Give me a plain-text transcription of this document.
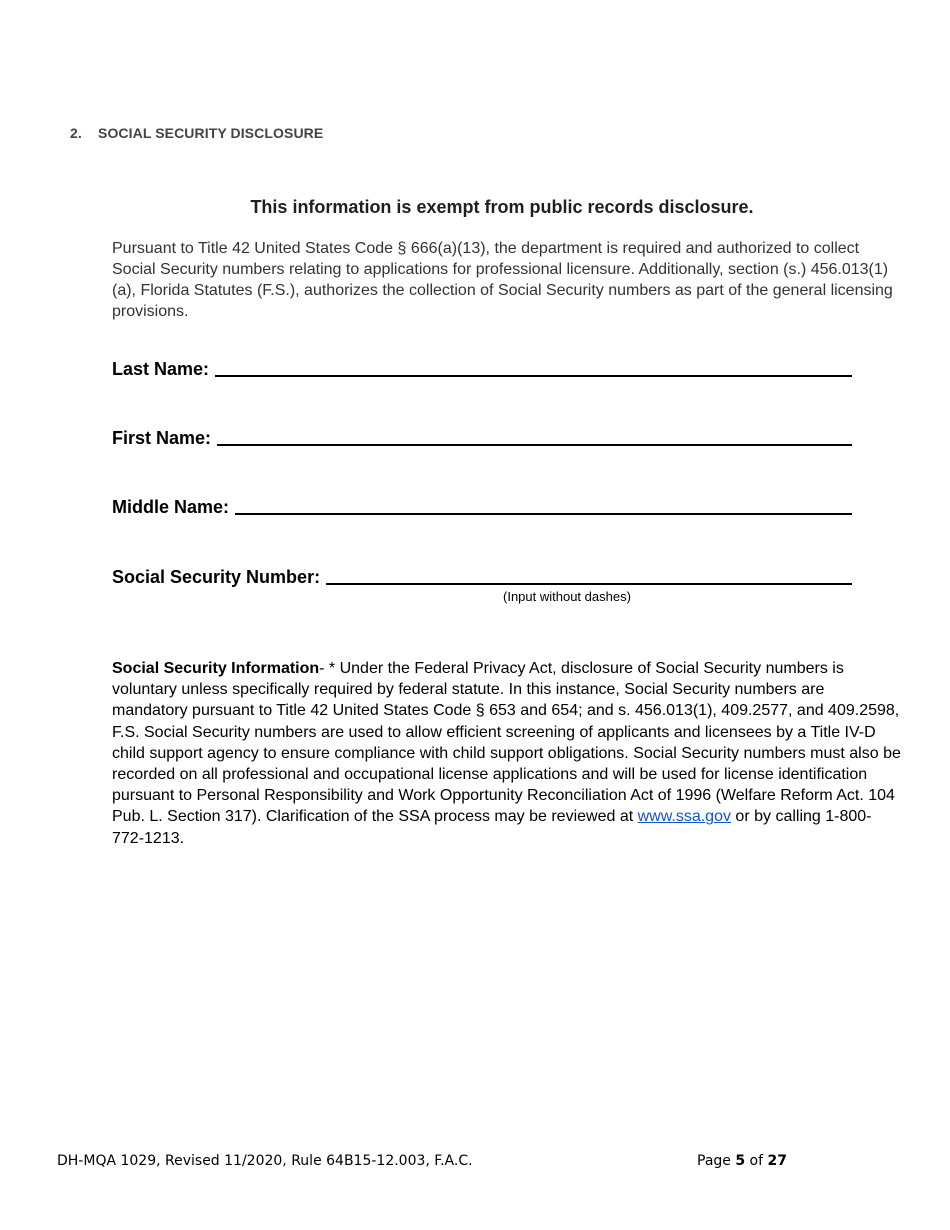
2. SOCIAL SECURITY DISCLOSURE
This information is exempt from public records disclosure.

Pursuant to Title 42 United States Code § 666(a)(13), the department is required and authorized to collect Social Security numbers relating to applications for professional licensure. Additionally, section (s.) 456.013(1)(a), Florida Statutes (F.S.), authorizes the collection of Social Security numbers as part of the general licensing provisions.

Last Name:
First Name:
Middle Name:
Social Security Number:
(Input without dashes)

Social Security Information- * Under the Federal Privacy Act, disclosure of Social Security numbers is voluntary unless specifically required by federal statute. In this instance, Social Security numbers are mandatory pursuant to Title 42 United States Code § 653 and 654; and s. 456.013(1), 409.2577, and 409.2598, F.S. Social Security numbers are used to allow efficient screening of applicants and licensees by a Title IV-D child support agency to ensure compliance with child support obligations. Social Security numbers must also be recorded on all professional and occupational license applications and will be used for license identification pursuant to Personal Responsibility and Work Opportunity Reconciliation Act of 1996 (Welfare Reform Act. 104 Pub. L. Section 317). Clarification of the SSA process may be reviewed at www.ssa.gov or by calling 1-800-772-1213.

DH-MQA 1029, Revised 11/2020, Rule 64B15-12.003, F.A.C.	Page 5 of 27
